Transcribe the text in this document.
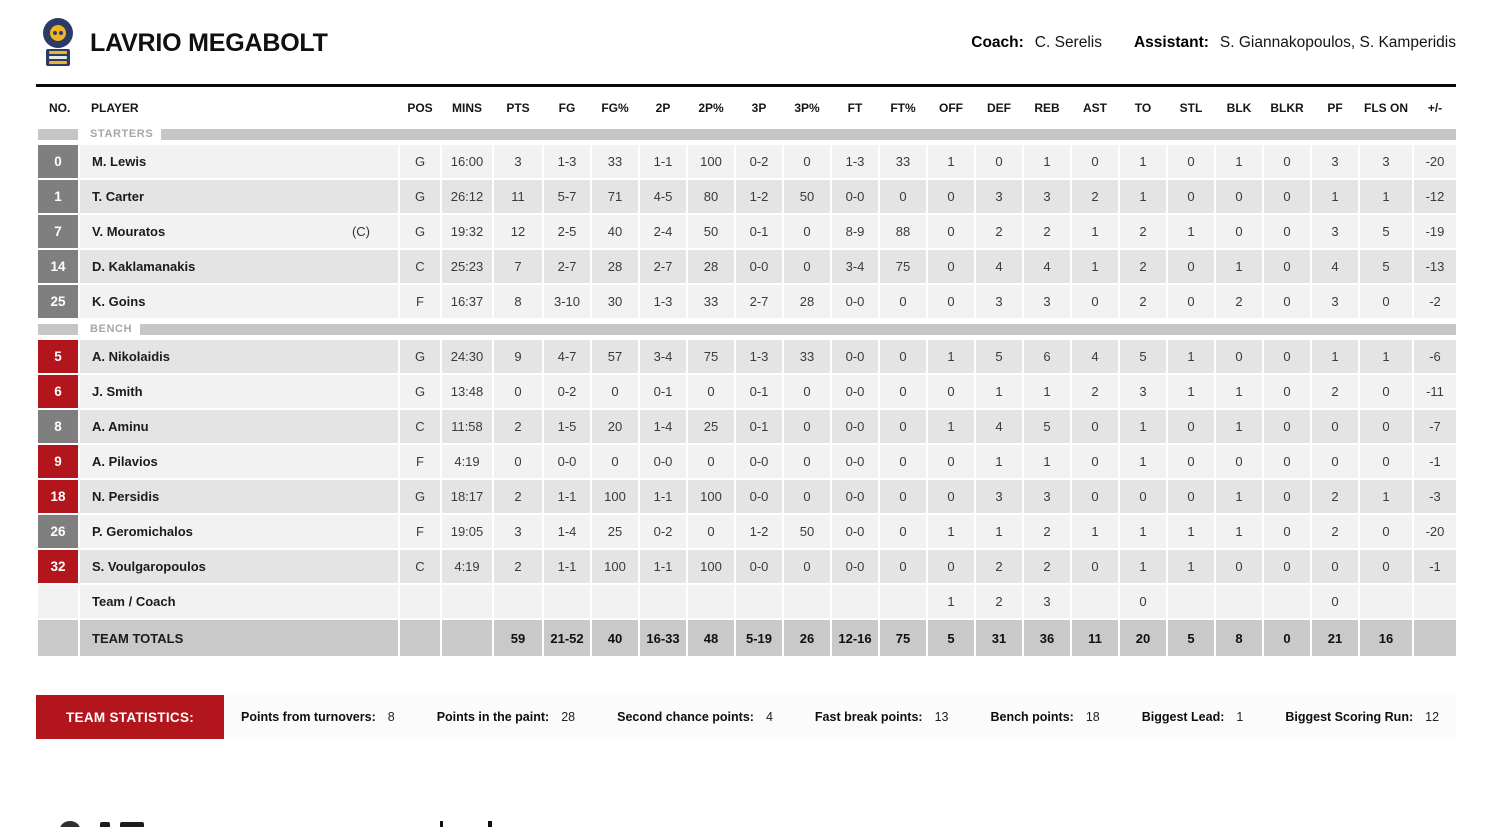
LAVRIO MEGABOLT	Coach: C. Serelis Assistant: S. Giannakopoulos, S. Kamperidis
NO.	PLAYER	POS	MINS	PTS	FG	FG%	2P	2P%	3P	3P%	FT	FT%	OFF	DEF	REB	AST	TO	STL	BLK	BLKR	PF	FLS ON	+/-

	STARTERS																						

0	M. Lewis	G	16:00	3	1-3	33	1-1	100	0-2	0	1-3	33	1	0	1	0	1	0	1	0	3	3	-20

1	T. Carter	G	26:12	11	5-7	71	4-5	80	1-2	50	0-0	0	0	3	3	2	1	0	0	0	1	1	-12

7	V. Mouratos (C)	G	19:32	12	2-5	40	2-4	50	0-1	0	8-9	88	0	2	2	1	2	1	0	0	3	5	-19

14	D. Kaklamanakis	C	25:23	7	2-7	28	2-7	28	0-0	0	3-4	75	0	4	4	1	2	0	1	0	4	5	-13

25	K. Goins	F	16:37	8	3-10	30	1-3	33	2-7	28	0-0	0	0	3	3	0	2	0	2	0	3	0	-2

	BENCH																						

5	A. Nikolaidis	G	24:30	9	4-7	57	3-4	75	1-3	33	0-0	0	1	5	6	4	5	1	0	0	1	1	-6

6	J. Smith	G	13:48	0	0-2	0	0-1	0	0-1	0	0-0	0	0	1	1	2	3	1	1	0	2	0	-11

8	A. Aminu	C	11:58	2	1-5	20	1-4	25	0-1	0	0-0	0	1	4	5	0	1	0	1	0	0	0	-7

9	A. Pilavios	F	4:19	0	0-0	0	0-0	0	0-0	0	0-0	0	0	1	1	0	1	0	0	0	0	0	-1

18	N. Persidis	G	18:17	2	1-1	100	1-1	100	0-0	0	0-0	0	0	3	3	0	0	0	1	0	2	1	-3

26	P. Geromichalos	F	19:05	3	1-4	25	0-2	0	1-2	50	0-0	0	1	1	2	1	1	1	1	0	2	0	-20

32	S. Voulgaropoulos	C	4:19	2	1-1	100	1-1	100	0-0	0	0-0	0	0	2	2	0	1	1	0	0	0	0	-1

	Team / Coach												1	2	3		0				0		

	TEAM TOTALS			59	21-52	40	16-33	48	5-19	26	12-16	75	5	31	36	11	20	5	8	0	21	16	
TEAM STATISTICS:	Points from turnovers: 8	Points in the paint: 28	Second chance points: 4	Fast break points: 13	Bench points: 18	Biggest Lead: 1	Biggest Scoring Run: 12
